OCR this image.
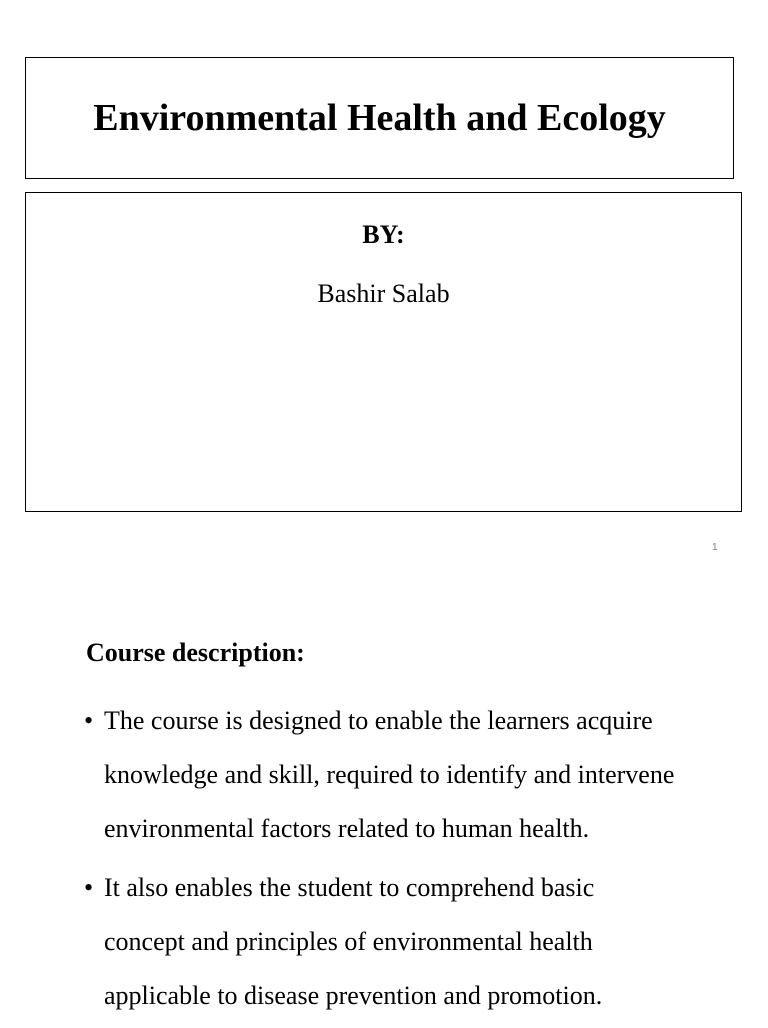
Environmental Health and Ecology
BY:
Bashir Salab
1
Course description:
• The course is designed to enable the learners acquire
knowledge and skill, required to identify and intervene
environmental factors related to human health.
• It also enables the student to comprehend basic
concept and principles of environmental health
applicable to disease prevention and promotion.
